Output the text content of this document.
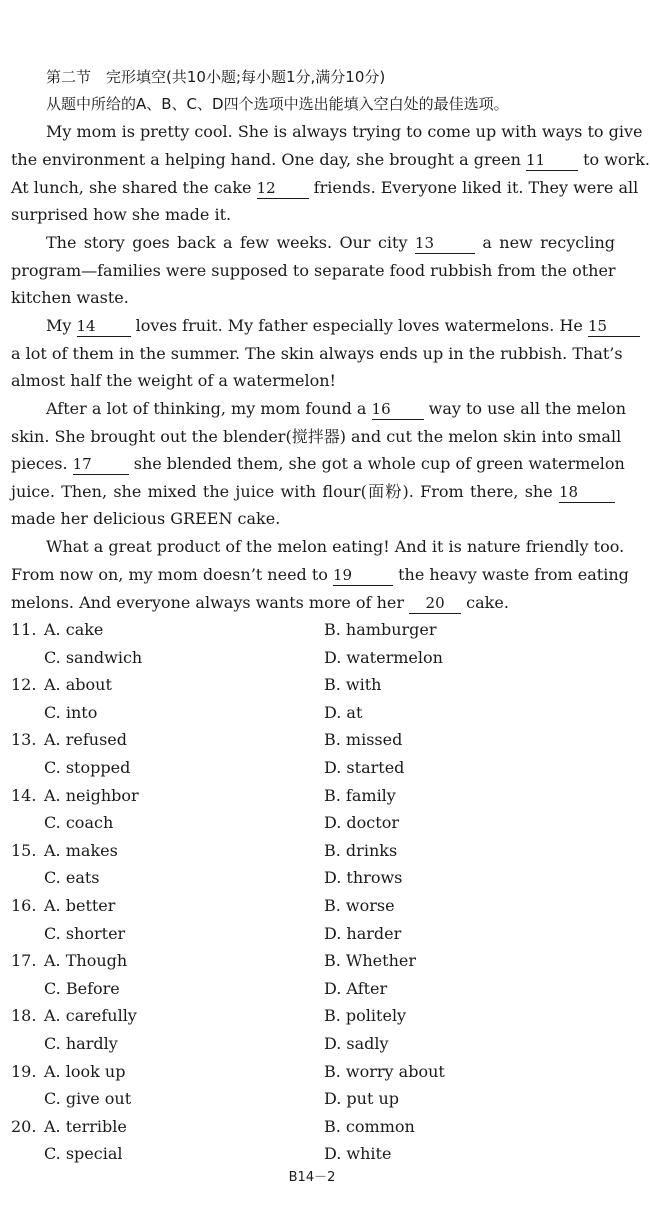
第二节　完形填空(共10小题;每小题1分,满分10分)
从题中所给的A、B、C、D四个选项中选出能填入空白处的最佳选项。
My mom is pretty cool. She is always trying to come up with ways to give
the environment a helping hand. One day, she brought a green 11 to work.
At lunch, she shared the cake 12 friends. Everyone liked it. They were all
surprised how she made it.
The story goes back a few weeks. Our city 13	a new recycling
program—families were supposed to separate food rubbish from the other
kitchen waste.
My 14 loves fruit. My father especially loves watermelons. He 15
a lot of them in the summer. The skin always ends up in the rubbish. That’s
almost half the weight of a watermelon!
After a lot of thinking, my mom found a 16 way to use all the melon
skin. She brought out the blender(搅拌器) and cut the melon skin into small
pieces. 17 she blended them, she got a whole cup of green watermelon
juice. Then, she mixed the juice with flour(面粉). From there, she 18
made her delicious GREEN cake.
What a great product of the melon eating! And it is nature friendly too.
From now on, my mom doesn’t need to 19	the heavy waste from eating
melons. And everyone always wants more of her 20 cake.
11. A. cake	B. hamburger
C. sandwich	D. watermelon
12. A. about	B. with
C. into	D. at
13. A. refused	B. missed
C. stopped	D. started
14. A. neighbor	B. family
C. coach	D. doctor
15. A. makes	B. drinks
C. eats	D. throws
16. A. better	B. worse
C. shorter	D. harder
17. A. Though	B. Whether
C. Before	D. After
18. A. carefully	B. politely
C. hardly	D. sadly
19. A. look up	B. worry about
C. give out	D. put up
20. A. terrible	B. common
C. special	D. white
B14－2
